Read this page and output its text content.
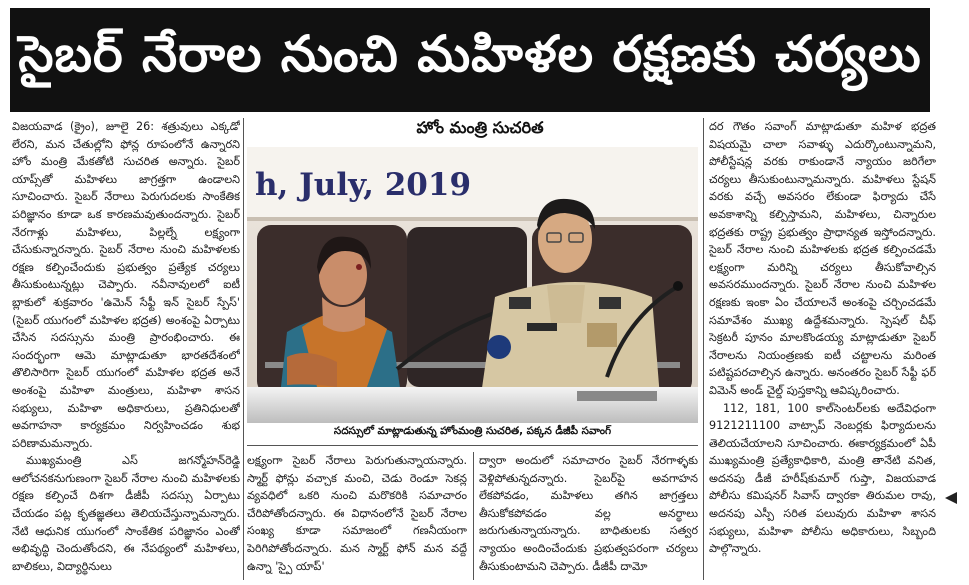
సైబర్ నేరాల నుంచి మహిళల రక్షణకు చర్యలు

విజయవాడ (క్రైం), జూలై 26: శత్రువులు ఎక్కడో లేరని, మన చేతుల్లోని ఫోన్ల రూపంలోనే ఉన్నారని హోం మంత్రి మేకతోటి సుచరిత అన్నారు. సైబర్ యాప్స్‌తో మహిళలు జాగ్రత్తగా ఉండాలని సూచించారు. సైబర్ నేరాలు పెరుగుదలకు సాంకేతిక పరిజ్ఞానం కూడా ఒక కారణమవుతుందన్నారు. సైబర్ నేరగాళ్లు మహిళలు, పిల్లల్నే లక్ష్యంగా చేసుకున్నారన్నారు. సైబర్ నేరాల నుంచి మహిళలకు రక్షణ కల్పించేందుకు ప్రభుత్వం ప్రత్యేక చర్యలు తీసుకుంటున్నట్లు చెప్పారు. నవీనావులలో ఐటీ బ్లాకులో శుక్రవారం 'ఉమెన్ సేఫ్టీ ఇన్ సైబర్ స్పేస్' (సైబర్ యుగంలో మహిళల భద్రత) అంశంపై ఏర్పాటు చేసిన సదస్సును మంత్రి ప్రారంభించారు. ఈ సందర్భంగా ఆమె మాట్లాడుతూ భారతదేశంలో తొలిసారిగా సైబర్ యుగంలో మహిళల భద్రత అనే అంశంపై మహిళా మంత్రులు, మహిళా శాసన సభ్యులు, మహిళా అధికారులు, ప్రతినిధులతో అవగాహనా కార్యక్రమం నిర్వహించడం శుభ పరిణామమన్నారు.

ముఖ్యమంత్రి ఎస్ జగన్మోహన్‌రెడ్డి ఆలోచనకనుగుణంగా సైబర్ నేరాల నుంచి మహిళలకు రక్షణ కల్పించే దిశగా డీజీపీ సదస్సు ఏర్పాటు చేయడం పట్ల కృతజ్ఞతలు తెలియచేస్తున్నామన్నారు. నేటి ఆధునిక యుగంలో సాంకేతిక పరిజ్ఞానం ఎంతో అభివృద్ధి చెందుతోందని, ఈ నేపథ్యంలో మహిళలు, బాలికలు, విద్యార్థినులు

హోం మంత్రి సుచరిత
h, July, 2019
సదస్సులో మాట్లాడుతున్న హోంమంత్రి సుచరిత, పక్కన డీజీపీ సవాంగ్

లక్ష్యంగా సైబర్ నేరాలు పెరుగుతున్నాయన్నారు. స్మార్ట్ ఫోన్లు వచ్చాక మంచి, చెడు రెండూ సెకన్ల వ్యవధిలో ఒకరి నుంచి మరొకరికి సమాచారం చేరిపోతోందన్నారు. ఈ విధానంలోనే సైబర్ నేరాల సంఖ్య కూడా సమాజంలో గణనీయంగా పెరిగిపోతోందన్నారు. మన స్మార్ట్ ఫోన్ మన వద్దే ఉన్నా 'స్పై యాప్'

ద్వారా అందులో సమాచారం సైబర్ నేరగాళ్ళకు వెళ్లిపోతున్నదన్నారు. సైబర్‌పై అవగాహన లేకపోవడం, మహిళలు తగిన జాగ్రత్తలు తీసుకోకపోవడం వల్ల అనర్థాలు జరుగుతున్నాయన్నారు. బాధితులకు సత్వర న్యాయం అందించేందుకు ప్రభుత్వపరంగా చర్యలు తీసుకుంటామని చెప్పారు. డీజీపీ దామో

దర గౌతం సవాంగ్ మాట్లాడుతూ మహిళ భద్రత విషయమై చాలా సవాళ్ళు ఎదుర్కొంటున్నామని, పోలీస్టేషన్ల వరకు రాకుండానే న్యాయం జరిగేలా చర్యలు తీసుకుంటున్నామన్నారు. మహిళలు స్టేషన్ వరకు వచ్చే అవసరం లేకుండా ఫిర్యాదు చేసే అవకాశాన్ని కల్పిస్తామని, మహిళలు, చిన్నారుల భద్రతకు రాష్ట్ర ప్రభుత్వం ప్రాధాన్యత ఇస్తోందన్నారు. సైబర్ నేరాల నుంచి మహిళలకు భద్రత కల్పించడమే లక్ష్యంగా మరిన్ని చర్యలు తీసుకోవాల్సిన అవసరముందన్నారు. సైబర్ నేరాల నుంచి మహిళల రక్షణకు ఇంకా ఏం చేయాలనే అంశంపై చర్చించడమే సమావేశం ముఖ్య ఉద్దేశమన్నారు. స్పెషల్ చీఫ్ సెక్రటరీ పూనం మాలకొండయ్య మాట్లాడుతూ సైబర్ నేరాలను నియంత్రణకు ఐటీ చట్టాలను మరింత పటిష్టపరచాల్సిన ఉన్నారు. అనంతరం సైబర్ సేఫ్టీ ఫర్ విమెన్ అండ్ చైల్డ్ పుస్తకాన్ని ఆవిష్కరించారు.

112, 181, 100 కాల్‌సెంటర్‌లకు అదేవిధంగా 9121211100 వాట్సాప్ నెంబర్లకు ఫిర్యాదులను తెలియచేయాలని సూచించారు. ఈకార్యక్రమంలో ఏపీ ముఖ్యమంత్రి ప్రత్యేకాధికారి, మంత్రి తానేటి వనిత, అదనపు డీజీ హరీష్‌కుమార్ గుప్తా, విజయవాడ పోలీసు కమిషనర్ సివాస్ ద్వారకా తిరుమల రావు, అదనపు ఎస్పీ సరిత పలువురు మహిళా శాసన సభ్యులు, మహిళా పోలీసు అధికారులు, సిబ్బంది పాల్గొన్నారు.
